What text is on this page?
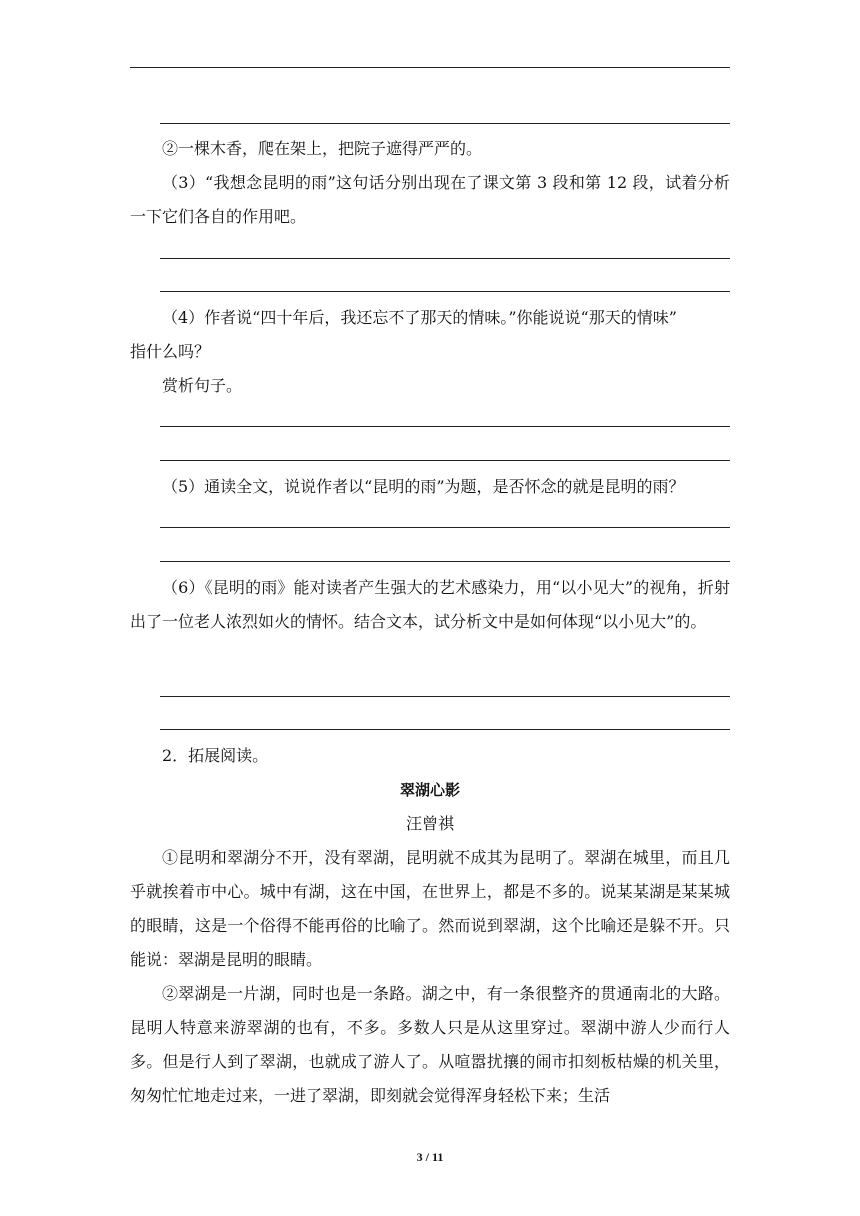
②一棵木香，爬在架上，把院子遮得严严的。
（3）“我想念昆明的雨”这句话分别出现在了课文第 3 段和第 12 段，试着分析一下它们各自的作用吧。
（4）作者说“四十年后，我还忘不了那天的情味。”你能说说“那天的情味”
指什么吗？
赏析句子。
（5）通读全文，说说作者以“昆明的雨”为题，是否怀念的就是昆明的雨？
（6）《昆明的雨》能对读者产生强大的艺术感染力，用“以小见大”的视角，折射出了一位老人浓烈如火的情怀。结合文本，试分析文中是如何体现“以小见大”的。
2．拓展阅读。
翠湖心影
汪曾祺
①昆明和翠湖分不开，没有翠湖，昆明就不成其为昆明了。翠湖在城里，而且几乎就挨着市中心。城中有湖，这在中国，在世界上，都是不多的。说某某湖是某某城的眼睛，这是一个俗得不能再俗的比喻了。然而说到翠湖，这个比喻还是躲不开。只能说：翠湖是昆明的眼睛。
②翠湖是一片湖，同时也是一条路。湖之中，有一条很整齐的贯通南北的大路。昆明人特意来游翠湖的也有，不多。多数人只是从这里穿过。翠湖中游人少而行人多。但是行人到了翠湖，也就成了游人了。从喧嚣扰攘的闹市扣刻板枯燥的机关里，匆匆忙忙地走过来，一进了翠湖，即刻就会觉得浑身轻松下来；生活
3 / 11
